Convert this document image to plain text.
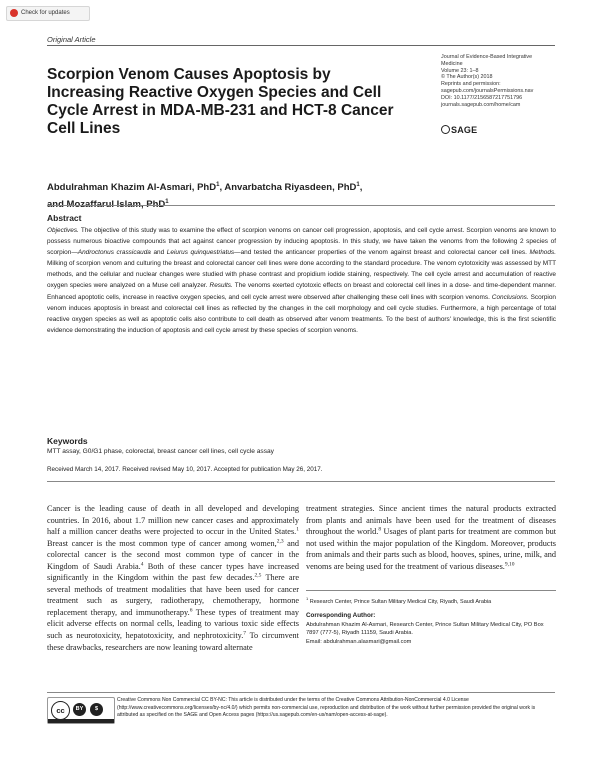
Check for updates
Original Article
Scorpion Venom Causes Apoptosis by Increasing Reactive Oxygen Species and Cell Cycle Arrest in MDA-MB-231 and HCT-8 Cancer Cell Lines
Journal of Evidence-Based Integrative
Medicine
Volume 23: 1–8
© The Author(s) 2018
Reprints and permission:
sagepub.com/journalsPermissions.nav
DOI: 10.1177/2156587217751796
journals.sagepub.com/home/cam
SAGE
Abdulrahman Khazim Al-Asmari, PhD$^1$, Anvarbatcha Riyasdeen, PhD$^1$,
and Mozaffarul Islam, PhD$^1$
Abstract
Objectives. The objective of this study was to examine the effect of scorpion venoms on cancer cell progression, apoptosis, and cell cycle arrest. Scorpion venoms are known to possess numerous bioactive compounds that act against cancer progression by inducing apoptosis. In this study, we have taken the venoms from the following 2 species of scorpion—Androctonus crassicauda and Leiurus quinquestriatus—and tested the anticancer properties of the venom against breast and colorectal cancer cell lines. Methods. Milking of scorpion venom and culturing the breast and colorectal cancer cell lines were done according to the standard procedure. The venom cytotoxicity was assessed by MTT methods, and the cellular and nuclear changes were studied with phase contrast and propidium iodide staining, respectively. The cell cycle arrest and accumulation of reactive oxygen species were analyzed on a Muse cell analyzer. Results. The venoms exerted cytotoxic effects on breast and colorectal cell lines in a dose- and time-dependent manner. Enhanced apoptotic cells, increase in reactive oxygen species, and cell cycle arrest were observed after challenging these cell lines with scorpion venoms. Conclusions. Scorpion venom induces apoptosis in breast and colorectal cell lines as reflected by the changes in the cell morphology and cell cycle studies. Furthermore, a high percentage of total reactive oxygen species as well as apoptotic cells also contribute to cell death as observed after venom treatments. To the best of authors' knowledge, this is the first scientific evidence demonstrating the induction of apoptosis and cell cycle arrest by these species of scorpion venoms.
Keywords
MTT assay, G0/G1 phase, colorectal, breast cancer cell lines, cell cycle assay
Received March 14, 2017. Received revised May 10, 2017. Accepted for publication May 26, 2017.
Cancer is the leading cause of death in all developed and developing countries. In 2016, about 1.7 million new cancer cases and approximately half a million cancer deaths were projected to occur in the United States.$^1$ Breast cancer is the most common type of cancer among women,$^{2,3}$ and colorectal cancer is the second most common type of cancer in the Kingdom of Saudi Arabia.$^4$ Both of these cancer types have increased significantly in the Kingdom within the past few decades.$^{2,5}$ There are several methods of treatment modalities that have been used for cancer treatment such as surgery, radiotherapy, chemotherapy, hormone replacement therapy, and immunotherapy.$^6$ These types of treatment may elicit adverse effects on normal cells, leading to various toxic side effects such as neurotoxicity, hepatotoxicity, and nephrotoxicity.$^7$ To circumvent these drawbacks, researchers are now leaning toward alternate
treatment strategies. Since ancient times the natural products extracted from plants and animals have been used for the treatment of diseases throughout the world.$^8$ Usages of plant parts for treatment are common but not used within the major population of the Kingdom. Moreover, products from animals and their parts such as blood, hooves, spines, urine, milk, and venoms are being used for the treatment of various diseases.$^{9,10}$
$^1$ Research Center, Prince Sultan Military Medical City, Riyadh, Saudi Arabia
Corresponding Author:
Abdulrahman Khazim Al-Asmari, Research Center, Prince Sultan Military Medical City, PO Box 7897 (777-5), Riyadh 11159, Saudi Arabia.
Email: abdulrahman.alasmari@gmail.com
cc	BY	$
Creative Commons Non Commercial CC BY-NC: This article is distributed under the terms of the Creative Commons Attribution-NonCommercial 4.0 License (http://www.creativecommons.org/licenses/by-nc/4.0/) which permits non-commercial use, reproduction and distribution of the work without further permission provided the original work is attributed as specified on the SAGE and Open Access pages (https://us.sagepub.com/en-us/nam/open-access-at-sage).
